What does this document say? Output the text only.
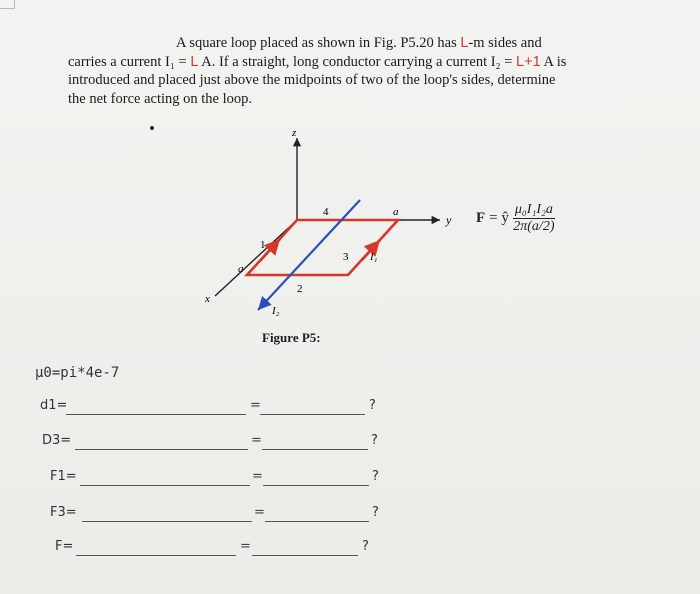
A square loop placed as shown in Fig. P5.20 has L-m sides and
carries a current I₁ = L A. If a straight, long conductor carrying a current I₂ = L+1 A is
introduced and placed just above the midpoints of two of the loop's sides, determine
the net force acting on the loop.
z
y
x
4	a
1
3 I₁
a
2
I₂
F = ŷ $\frac{\text{μ₀I₁I₂a}}{2\pi(a/2)}$
Figure P5:
μ0=pi*4e-7
d1=	=	?
D3=	=	?
F1=	=	?
F3=	=	?
F=	=	?
